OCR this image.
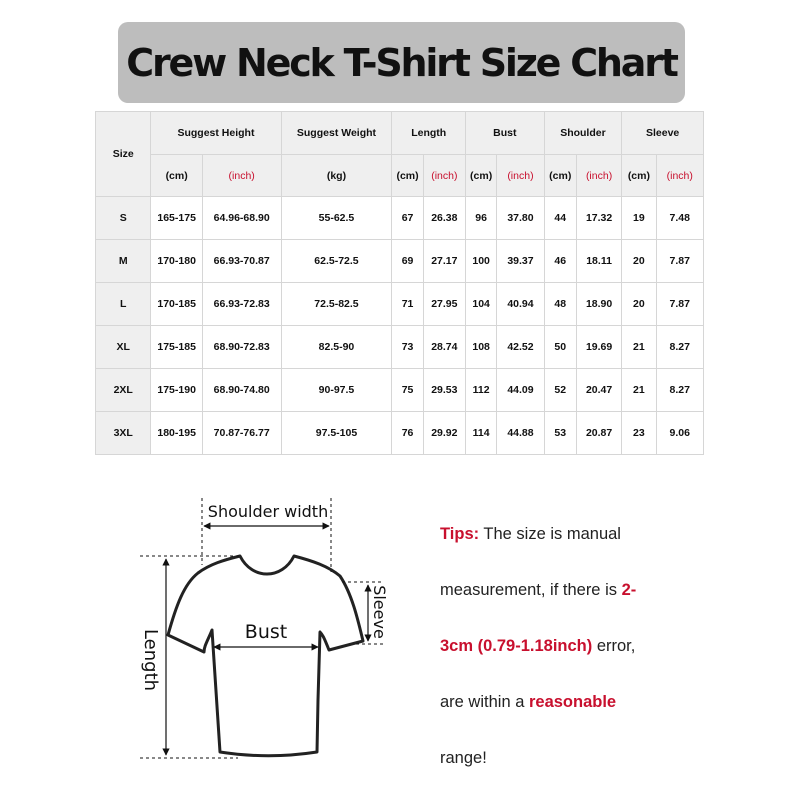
Crew Neck T-Shirt Size Chart
Size	Suggest Height		Suggest Weight	Length		Bust		Shoulder		Sleeve	
	(cm)	(inch)	(kg)	(cm)	(inch)	(cm)	(inch)	(cm)	(inch)	(cm)	(inch)
S	165-175	64.96-68.90	55-62.5	67	26.38	96	37.80	44	17.32	19	7.48
M	170-180	66.93-70.87	62.5-72.5	69	27.17	100	39.37	46	18.11	20	7.87
L	170-185	66.93-72.83	72.5-82.5	71	27.95	104	40.94	48	18.90	20	7.87
XL	175-185	68.90-72.83	82.5-90	73	28.74	108	42.52	50	19.69	21	8.27
2XL	175-190	68.90-74.80	90-97.5	75	29.53	112	44.09	52	20.47	21	8.27
3XL	180-195	70.87-76.77	97.5-105	76	29.92	114	44.88	53	20.87	23	9.06
Shoulder width
Length	Bust	Sleeve
Tips: The size is manual
measurement, if there is 2-
3cm (0.79-1.18inch) error,
are within a reasonable
range!
